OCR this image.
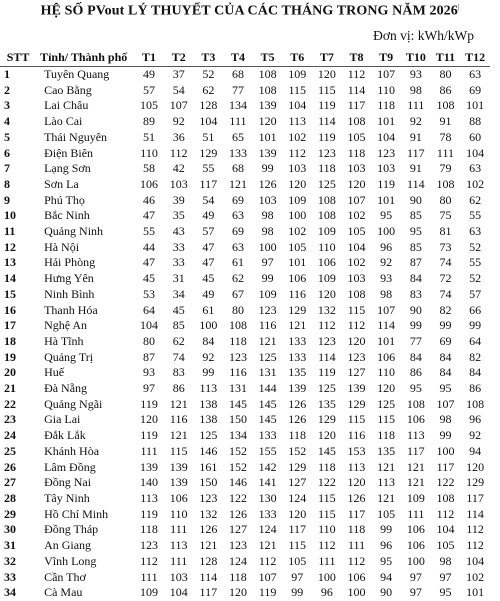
HỆ SỐ PVout LÝ THUYẾT CỦA CÁC THÁNG TRONG NĂM 2026|
Đơn vị: kWh/kWp
STT	Tỉnh/ Thành phố	T1	T2	T3	T4	T5	T6	T7	T8	T9	T10	T11	T12
1	Tuyên Quang	49	37	52	68	108	109	120	112	107	93	80	63
2	Cao Bằng	57	54	62	77	108	115	115	114	110	98	86	69
3	Lai Châu	105	107	128	134	139	104	119	117	118	111	108	101
4	Lào Cai	89	92	104	111	120	113	114	108	101	92	91	88
5	Thái Nguyên	51	36	51	65	101	102	119	105	104	91	78	60
6	Điện Biên	110	112	129	133	139	112	123	118	123	117	111	104
7	Lạng Sơn	58	42	55	68	99	103	118	103	103	91	79	63
8	Sơn La	106	103	117	121	126	120	125	120	119	114	108	102
9	Phú Thọ	46	39	54	69	103	109	108	107	101	90	80	62
10	Bắc Ninh	47	35	49	63	98	100	108	102	95	85	75	55
11	Quảng Ninh	55	43	57	69	98	102	109	105	100	95	81	63
12	Hà Nội	44	33	47	63	100	105	110	104	96	85	73	52
13	Hải Phòng	47	33	47	61	97	101	106	102	92	87	74	55
14	Hưng Yên	45	31	45	62	99	106	109	103	93	84	72	52
15	Ninh Bình	53	34	49	67	109	116	120	108	98	83	74	57
16	Thanh Hóa	64	45	61	80	123	129	132	115	107	90	82	66
17	Nghệ An	104	85	100	108	116	121	112	112	114	99	99	99
18	Hà Tĩnh	80	62	84	118	121	133	123	120	101	77	69	64
19	Quảng Trị	87	74	92	123	125	133	114	123	106	84	84	82
20	Huế	93	83	99	116	131	135	119	127	110	86	84	84
21	Đà Nẵng	97	86	113	131	144	139	125	139	120	95	95	86
22	Quảng Ngãi	119	121	138	145	145	126	135	129	125	108	107	108
23	Gia Lai	120	116	138	150	145	126	129	115	115	106	98	96
24	Đắk Lắk	119	121	125	134	133	118	120	116	118	113	99	92
25	Khánh Hòa	111	115	146	152	155	152	145	153	135	117	100	94
26	Lâm Đồng	139	139	161	152	142	129	118	113	121	121	117	120
27	Đồng Nai	140	139	150	146	141	127	122	120	113	121	122	129
28	Tây Ninh	113	106	123	122	130	124	115	126	121	109	108	117
29	Hồ Chí Minh	119	110	132	126	133	120	115	117	105	111	112	114
30	Đồng Tháp	118	111	126	127	124	117	110	118	99	106	104	112
31	An Giang	123	113	121	123	121	115	112	111	96	106	105	112
32	Vĩnh Long	112	111	128	124	112	105	111	112	95	100	98	104
33	Cần Thơ	111	103	114	118	107	97	100	106	94	97	97	102
34	Cà Mau	109	104	117	120	119	99	96	100	90	97	95	101
